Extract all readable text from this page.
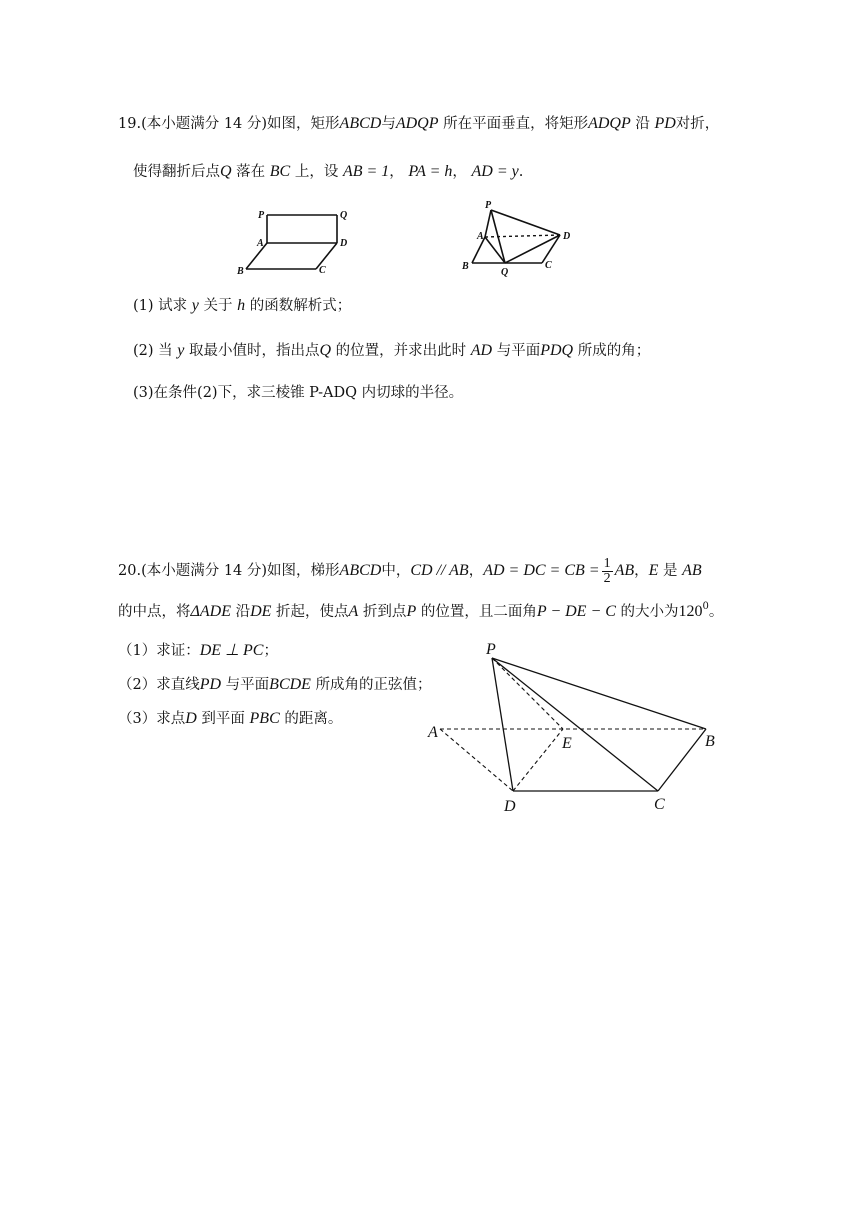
19.(本小题满分 14 分)如图，矩形ABCD与ADQP 所在平面垂直，将矩形ADQP 沿 PD对折，
使得翻折后点Q 落在 BC 上，设 AB = 1， PA = h， AD = y.
P	Q
A	D
B	C
P
A	D
B
Q
C
(1) 试求 y 关于 h 的函数解析式；
(2) 当 y 取最小值时，指出点Q 的位置，并求出此时 AD 与平面PDQ 所成的角；
(3)在条件(2)下，求三棱锥 P-ADQ 内切球的半径。
20.(本小题满分 14 分)如图，梯形ABCD中，CD // AB，AD = DC = CB = $\frac{1}{2}$ AB，E 是 AB
的中点，将ΔADE 沿DE 折起，使点A 折到点P 的位置，且二面角P − DE − C 的大小为$120^0$。
（1）求证：DE ⊥ PC；
（2）求直线PD 与平面BCDE 所成角的正弦值；
（3）求点D 到平面 PBC 的距离。
P
A
E	B
D	C
